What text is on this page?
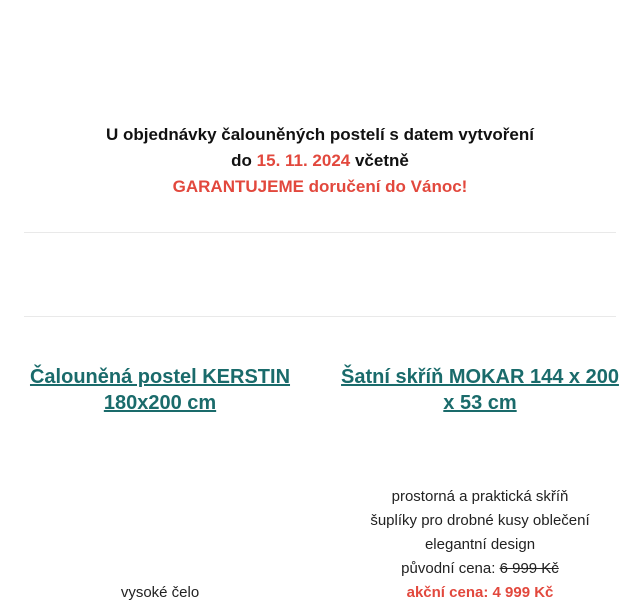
U objednávky čalouněných postelí s datem vytvoření
do 15. 11. 2024 včetně
GARANTUJEME doručení do Vánoc!
Čalouněná postel KERSTIN 180x200 cm
Šatní skříň MOKAR 144 x 200 x 53 cm
prostorná a praktická skříň
šuplíky pro drobné kusy oblečení
elegantní design
původní cena: 6 999 Kč
akční cena: 4 999 Kč
vysoké čelo
